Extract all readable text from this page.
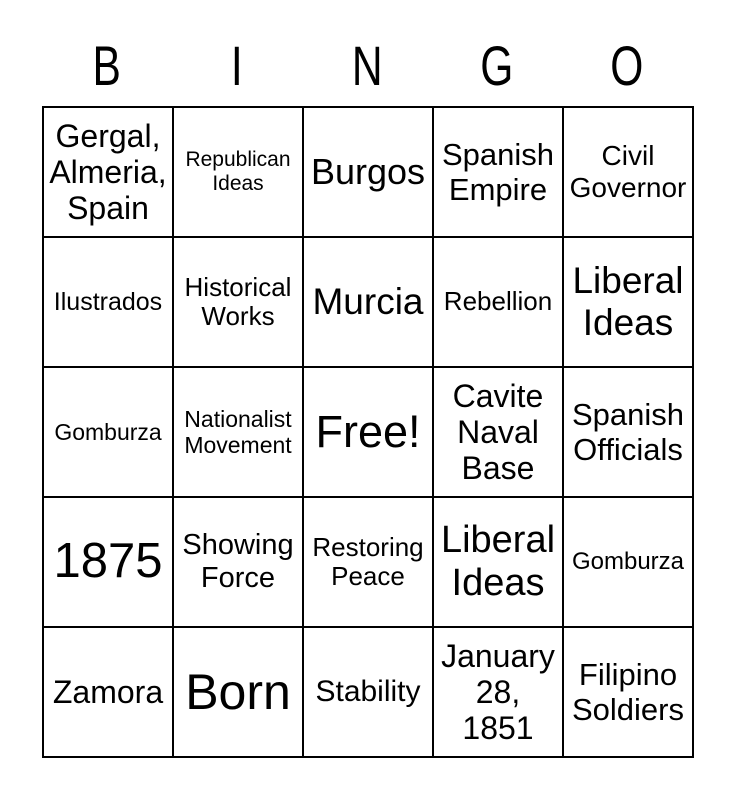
B I N G O
Gergal, Almeria, Spain
Republican Ideas	Burgos Spanish Empire
Civil Governor
Ilustrados
Historical Works	Murcia Rebellion
Liberal Ideas
Gomburza Nationalist Movement Free!
Cavite Naval Base
Spanish Officials
1875 Showing Force
Restoring Peace
Liberal Ideas
Gomburza
Zamora Born Stability
January 28, 1851
Filipino Soldiers
